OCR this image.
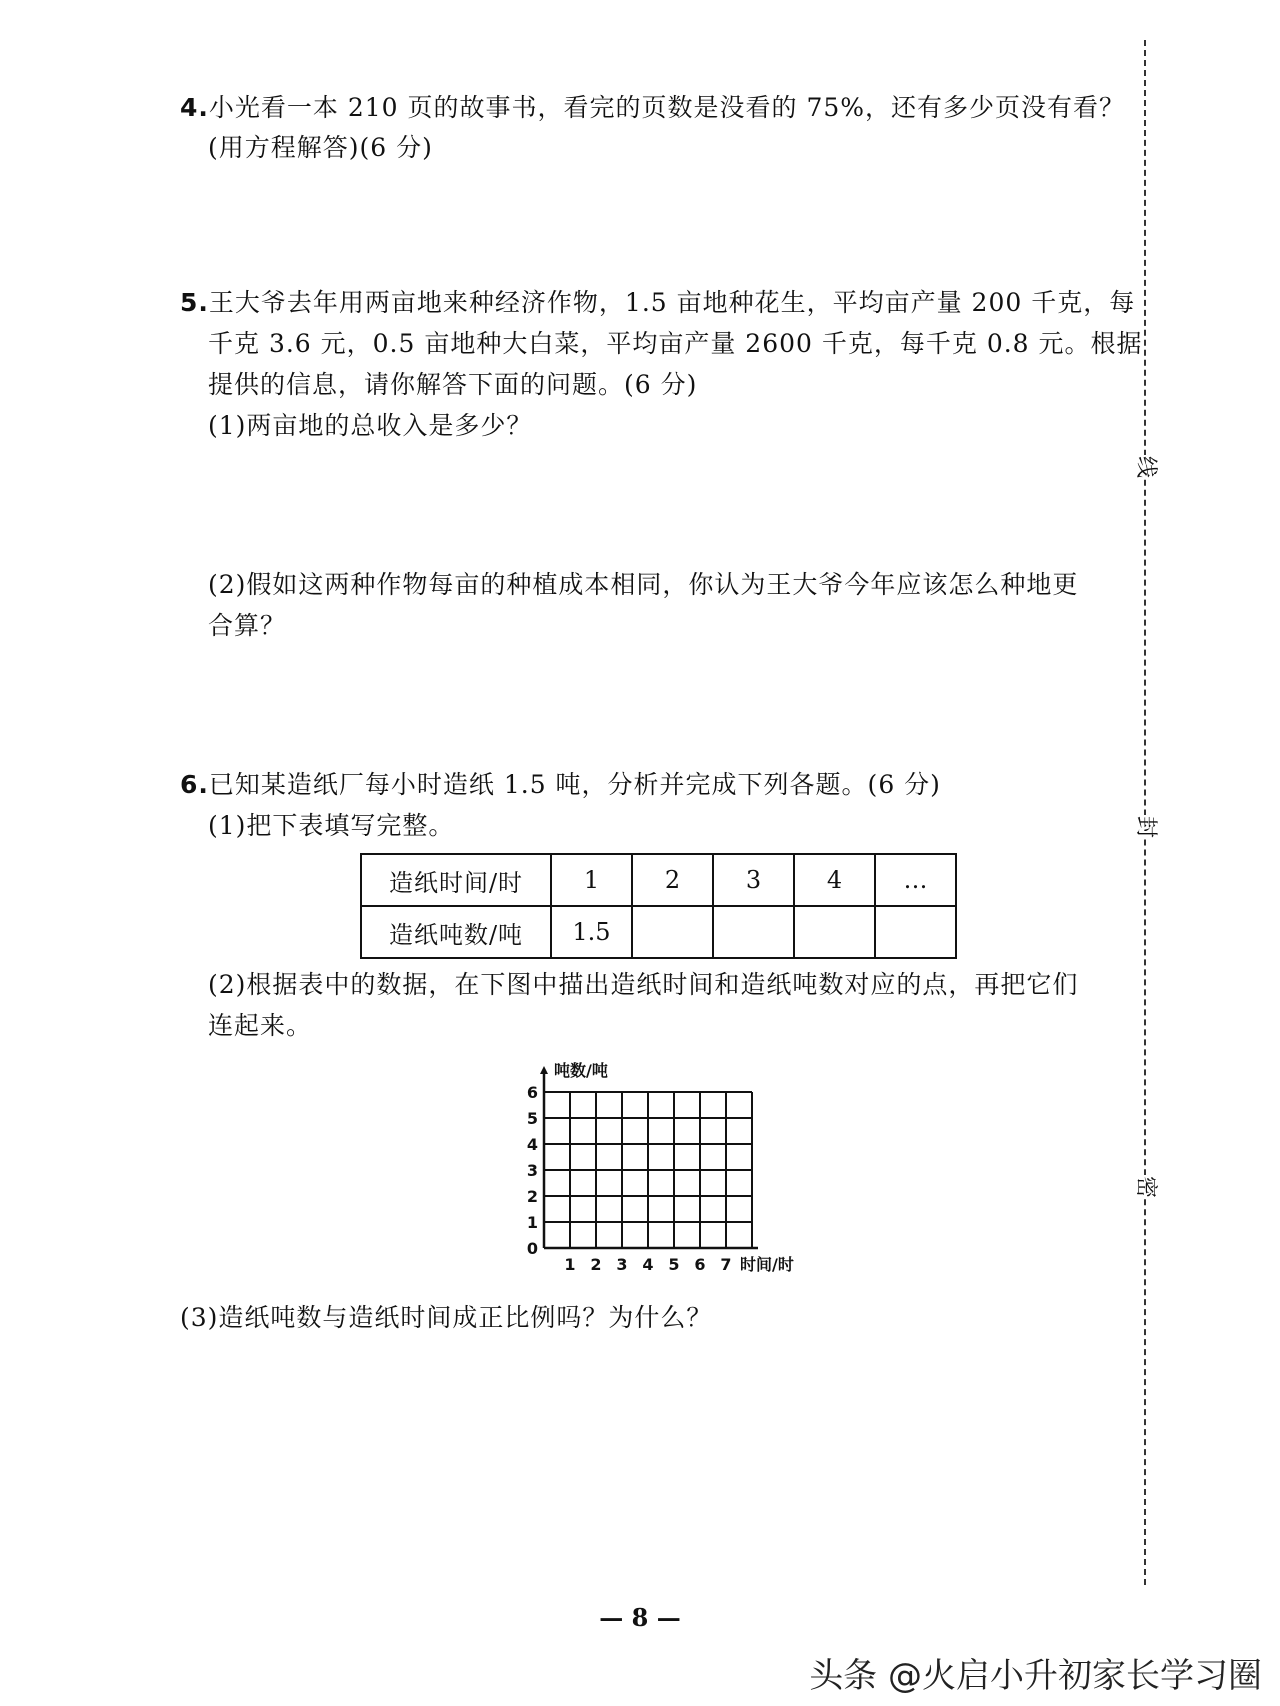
4.小光看一本 210 页的故事书，看完的页数是没看的 75%，还有多少页没有看？
(用方程解答)(6 分)
5.王大爷去年用两亩地来种经济作物，1.5 亩地种花生，平均亩产量 200 千克，每
千克 3.6 元，0.5 亩地种大白菜，平均亩产量 2600 千克，每千克 0.8 元。根据
提供的信息，请你解答下面的问题。(6 分)
(1)两亩地的总收入是多少？
(2)假如这两种作物每亩的种植成本相同，你认为王大爷今年应该怎么种地更
合算？
6.已知某造纸厂每小时造纸 1.5 吨，分析并完成下列各题。(6 分)
(1)把下表填写完整。
造纸时间/时	1	2	3	4	…
造纸吨数/吨	1.5				
(2)根据表中的数据，在下图中描出造纸时间和造纸吨数对应的点，再把它们
连起来。
0
1
2
3
4
5
6
1 2 3 4 5 6 7
吨数/吨
时间/时
(3)造纸吨数与造纸时间成正比例吗？为什么？
线
封
密
— 8 —
头条 @火启小升初家长学习圈
